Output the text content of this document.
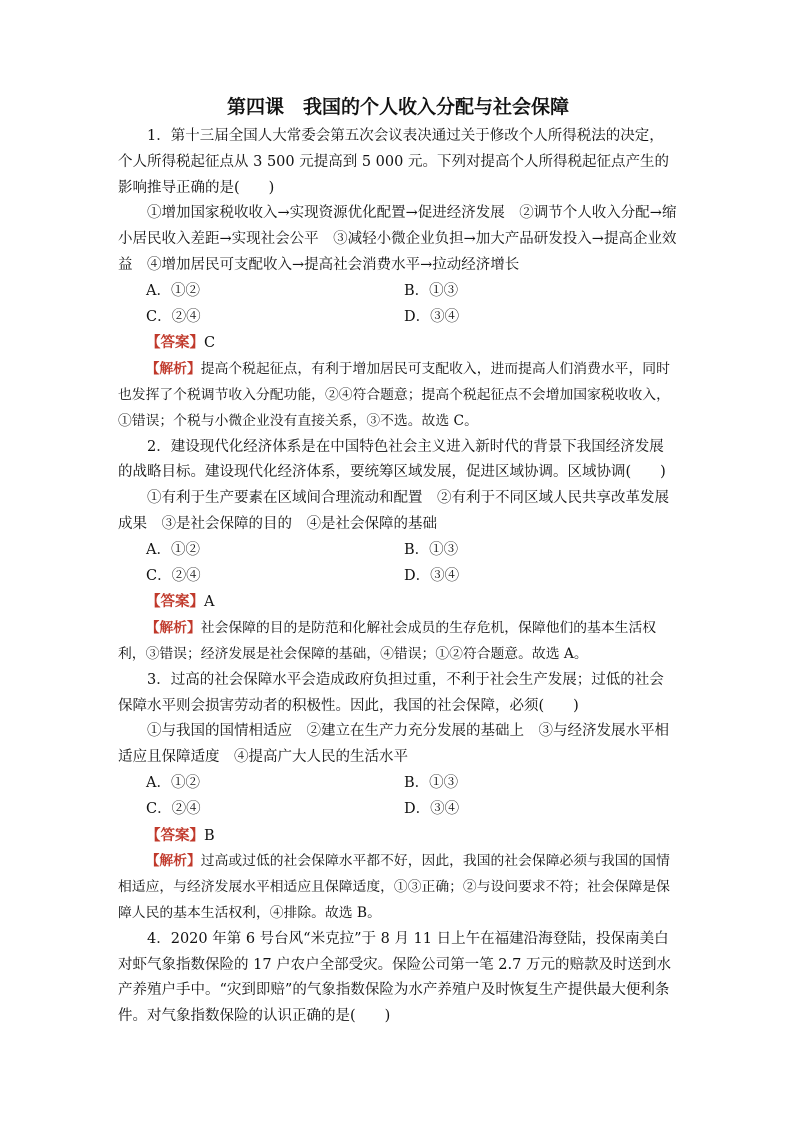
第四课　我国的个人收入分配与社会保障

1．第十三届全国人大常委会第五次会议表决通过关于修改个人所得税法的决定，个人所得税起征点从 3 500 元提高到 5 000 元。下列对提高个人所得税起征点产生的影响推导正确的是(　　)

①增加国家税收收入→实现资源优化配置→促进经济发展　②调节个人收入分配→缩小居民收入差距→实现社会公平　③减轻小微企业负担→加大产品研发投入→提高企业效益　④增加居民可支配收入→提高社会消费水平→拉动经济增长

A．①②	B．①③
C．②④	D．③④

【答案】C

【解析】提高个税起征点，有利于增加居民可支配收入，进而提高人们消费水平，同时也发挥了个税调节收入分配功能，②④符合题意；提高个税起征点不会增加国家税收收入，①错误；个税与小微企业没有直接关系，③不选。故选 C。

2．建设现代化经济体系是在中国特色社会主义进入新时代的背景下我国经济发展的战略目标。建设现代化经济体系，要统筹区域发展，促进区域协调。区域协调(　　)

①有利于生产要素在区域间合理流动和配置　②有利于不同区域人民共享改革发展成果　③是社会保障的目的　④是社会保障的基础

A．①②	B．①③
C．②④	D．③④

【答案】A

【解析】社会保障的目的是防范和化解社会成员的生存危机，保障他们的基本生活权利，③错误；经济发展是社会保障的基础，④错误；①②符合题意。故选 A。

3．过高的社会保障水平会造成政府负担过重，不利于社会生产发展；过低的社会保障水平则会损害劳动者的积极性。因此，我国的社会保障，必须(　　)

①与我国的国情相适应　②建立在生产力充分发展的基础上　③与经济发展水平相适应且保障适度　④提高广大人民的生活水平

A．①②	B．①③
C．②④	D．③④

【答案】B

【解析】过高或过低的社会保障水平都不好，因此，我国的社会保障必须与我国的国情相适应，与经济发展水平相适应且保障适度，①③正确；②与设问要求不符；社会保障是保障人民的基本生活权利，④排除。故选 B。

4．2020 年第 6 号台风“米克拉”于 8 月 11 日上午在福建沿海登陆，投保南美白对虾气象指数保险的 17 户农户全部受灾。保险公司第一笔 2.7 万元的赔款及时送到水产养殖户手中。“灾到即赔”的气象指数保险为水产养殖户及时恢复生产提供最大便利条件。对气象指数保险的认识正确的是(　　)
